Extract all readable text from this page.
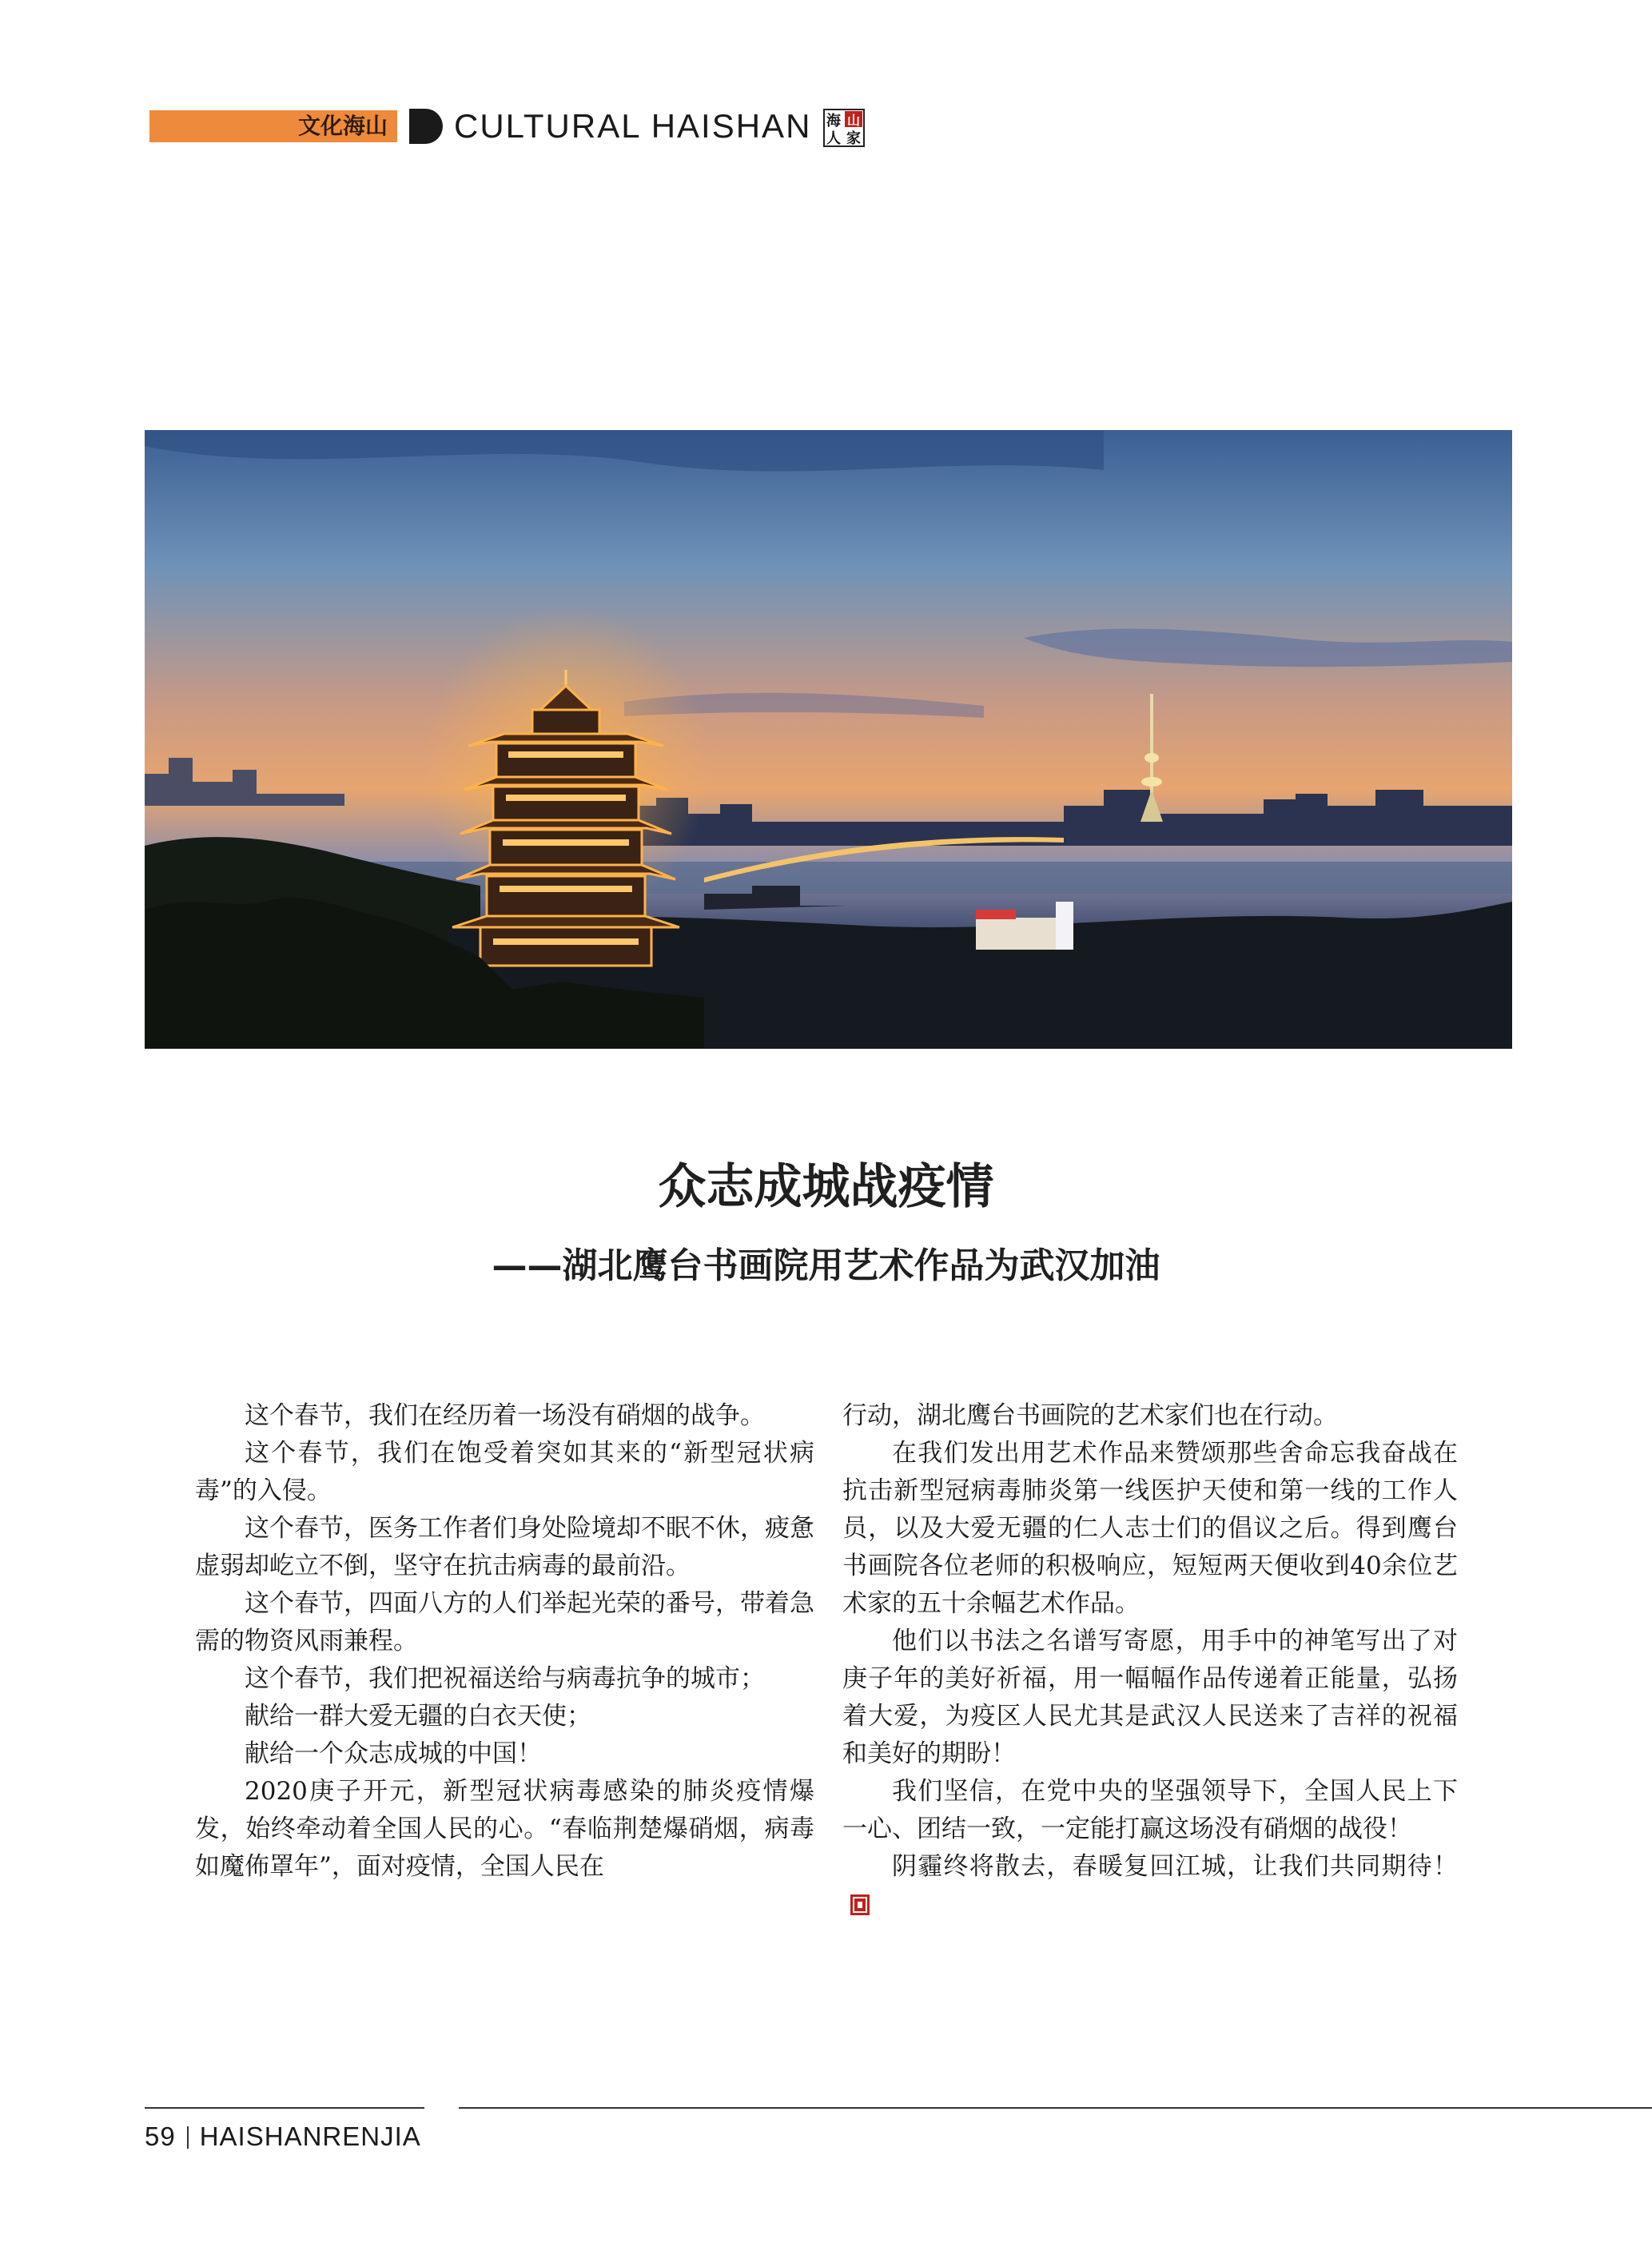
文化海山 CULTURAL HAISHAN 海 山
人 家
众志成城战疫情
——湖北鹰台书画院用艺术作品为武汉加油

这个春节，我们在经历着一场没有硝烟的战争。

这个春节，我们在饱受着突如其来的“新型冠状病毒”的入侵。

这个春节，医务工作者们身处险境却不眠不休，疲惫虚弱却屹立不倒，坚守在抗击病毒的最前沿。

这个春节，四面八方的人们举起光荣的番号，带着急需的物资风雨兼程。

这个春节，我们把祝福送给与病毒抗争的城市；

献给一群大爱无疆的白衣天使；

献给一个众志成城的中国！

2020庚子开元，新型冠状病毒感染的肺炎疫情爆发，始终牵动着全国人民的心。“春临荆楚爆硝烟，病毒如魔佈罩年”，面对疫情，全国人民在

行动，湖北鹰台书画院的艺术家们也在行动。

在我们发出用艺术作品来赞颂那些舍命忘我奋战在抗击新型冠病毒肺炎第一线医护天使和第一线的工作人员，以及大爱无疆的仁人志士们的倡议之后。得到鹰台书画院各位老师的积极响应，短短两天便收到40余位艺术家的五十余幅艺术作品。

他们以书法之名谱写寄愿，用手中的神笔写出了对庚子年的美好祈福，用一幅幅作品传递着正能量，弘扬着大爱，为疫区人民尤其是武汉人民送来了吉祥的祝福和美好的期盼！

我们坚信，在党中央的坚强领导下，全国人民上下一心、团结一致，一定能打赢这场没有硝烟的战役！

阴霾终将散去，春暖复回江城，让我们共同期待！

59 HAISHANRENJIA
